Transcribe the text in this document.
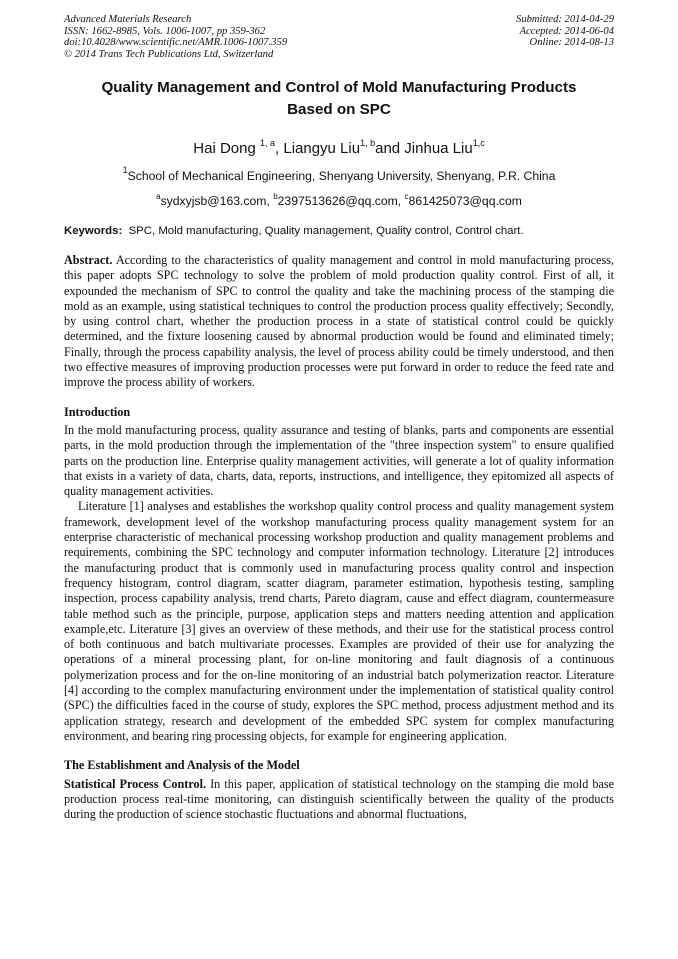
Advanced Materials Research
ISSN: 1662-8985, Vols. 1006-1007, pp 359-362
doi:10.4028/www.scientific.net/AMR.1006-1007.359
© 2014 Trans Tech Publications Ltd, Switzerland
Submitted: 2014-04-29
Accepted: 2014-06-04
Online: 2014-08-13
Quality Management and Control of Mold Manufacturing Products
Based on SPC
Hai Dong $^{1, a}$, Liangyu Liu$^{1, b}$and Jinhua Liu$^{1,c}$
$^1$School of Mechanical Engineering, Shenyang University, Shenyang, P.R. China
$^a$sydxyjsb@163.com, $^b$2397513626@qq.com, $^c$861425073@qq.com
Keywords:  SPC, Mold manufacturing, Quality management, Quality control, Control chart.

Abstract. According to the characteristics of quality management and control in mold manufacturing process, this paper adopts SPC technology to solve the problem of mold production quality control. First of all, it expounded the mechanism of SPC to control the quality and take the machining process of the stamping die mold as an example, using statistical techniques to control the production process quality effectively; Secondly, by using control chart, whether the production process in a state of statistical control could be quickly determined, and the fixture loosening caused by abnormal production would be found and eliminated timely; Finally, through the process capability analysis, the level of process ability could be timely understood, and then two effective measures of improving production processes were put forward in order to reduce the feed rate and improve the process ability of workers.

Introduction

In the mold manufacturing process, quality assurance and testing of blanks, parts and components are essential parts, in the mold production through the implementation of the "three inspection system" to ensure qualified parts on the production line. Enterprise quality management activities, will generate a lot of quality information that exists in a variety of data, charts, data, reports, instructions, and intelligence, they epitomized all aspects of quality management activities.

Literature [1] analyses and establishes the workshop quality control process and quality management system framework, development level of the workshop manufacturing process quality management system for an enterprise characteristic of mechanical processing workshop production and quality management problems and requirements, combining the SPC technology and computer information technology. Literature [2] introduces the manufacturing product that is commonly used in manufacturing process quality control and inspection frequency histogram, control diagram, scatter diagram, parameter estimation, hypothesis testing, sampling inspection, process capability analysis, trend charts, Pareto diagram, cause and effect diagram, countermeasure table method such as the principle, purpose, application steps and matters needing attention and application example,etc. Literature [3] gives an overview of these methods, and their use for the statistical process control of both continuous and batch multivariate processes. Examples are provided of their use for analyzing the operations of a mineral processing plant, for on-line monitoring and fault diagnosis of a continuous polymerization process and for the on-line monitoring of an industrial batch polymerization reactor. Literature [4] according to the complex manufacturing environment under the implementation of statistical quality control (SPC) the difficulties faced in the course of study, explores the SPC method, process adjustment method and its application strategy, research and development of the embedded SPC system for complex manufacturing environment, and bearing ring processing objects, for example for engineering application.

The Establishment and Analysis of the Model

Statistical Process Control. In this paper, application of statistical technology on the stamping die mold base production process real-time monitoring, can distinguish scientifically between the quality of the products during the production of science stochastic fluctuations and abnormal fluctuations,
